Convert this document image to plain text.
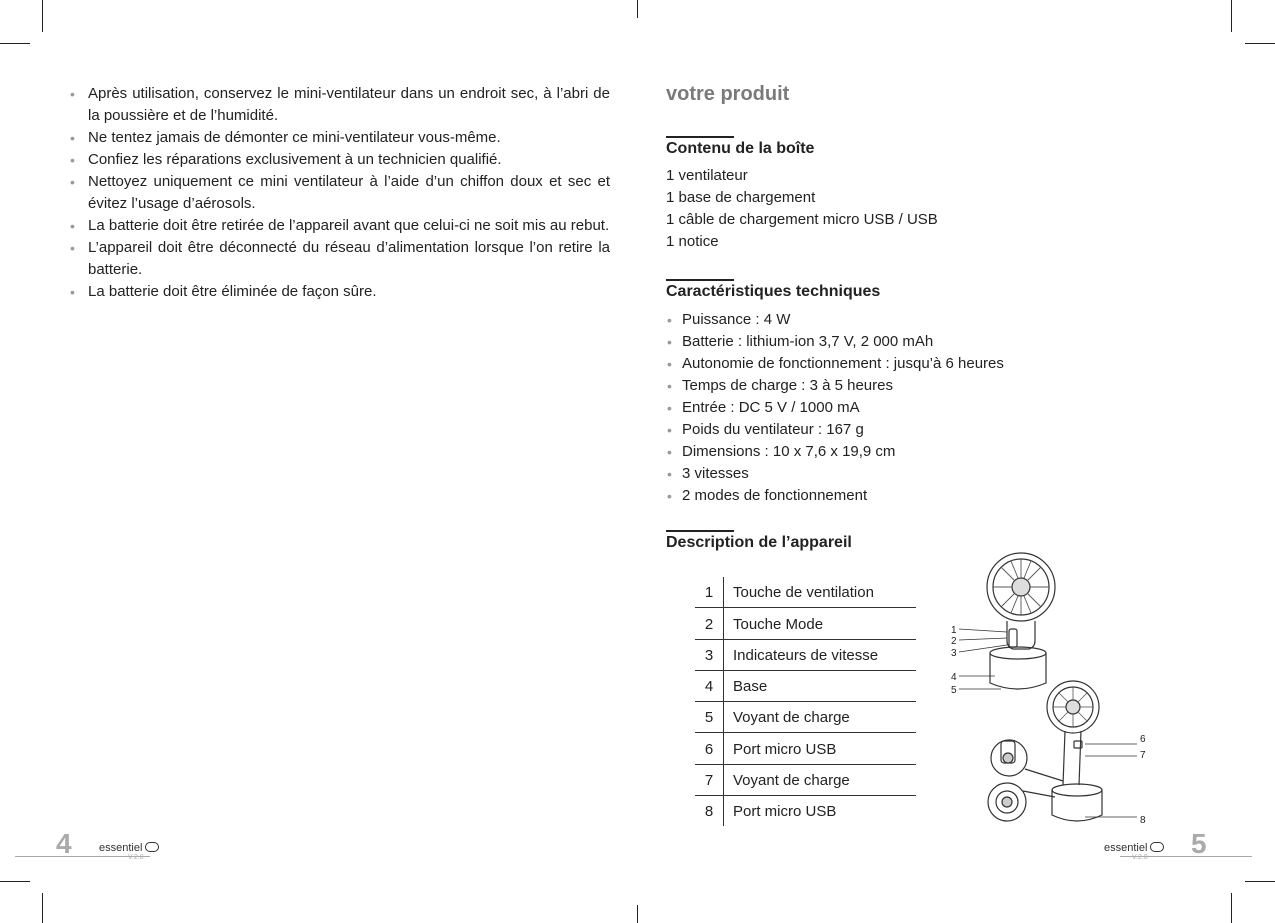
• Après utilisation, conservez le mini-ventilateur dans un endroit sec, à l’abri de la poussière et de l’humidité.
• Ne tentez jamais de démonter ce mini-ventilateur vous-même.
• Confiez les réparations exclusivement à un technicien qualifié.
• Nettoyez uniquement ce mini ventilateur à l’aide d’un chiffon doux et sec et évitez l’usage d’aérosols.
• La batterie doit être retirée de l’appareil avant que celui-ci ne soit mis au rebut.
• L’appareil doit être déconnecté du réseau d’alimentation lorsque l’on retire la batterie.
• La batterie doit être éliminée de façon sûre.
votre produit
Contenu de la boîte
1 ventilateur
1 base de chargement
1 câble de chargement micro USB / USB
1 notice
Caractéristiques techniques
• Puissance : 4 W
• Batterie : lithium-ion 3,7 V, 2 000 mAh
• Autonomie de fonctionnement : jusqu’à 6 heures
• Temps de charge : 3 à 5 heures
• Entrée : DC 5 V / 1000 mA
• Poids du ventilateur : 167 g
• Dimensions : 10 x 7,6 x 19,9 cm
• 3 vitesses
• 2 modes de fonctionnement
Description de l’appareil
1	Touche de ventilation
2	Touche Mode
3	Indicateurs de vitesse
4	Base
5	Voyant de charge
6	Port micro USB
7	Voyant de charge
8	Port micro USB
1
2
3
4
5
6
7
8
4 essentiel
V.2.0
essentiel
V.2.0 5
